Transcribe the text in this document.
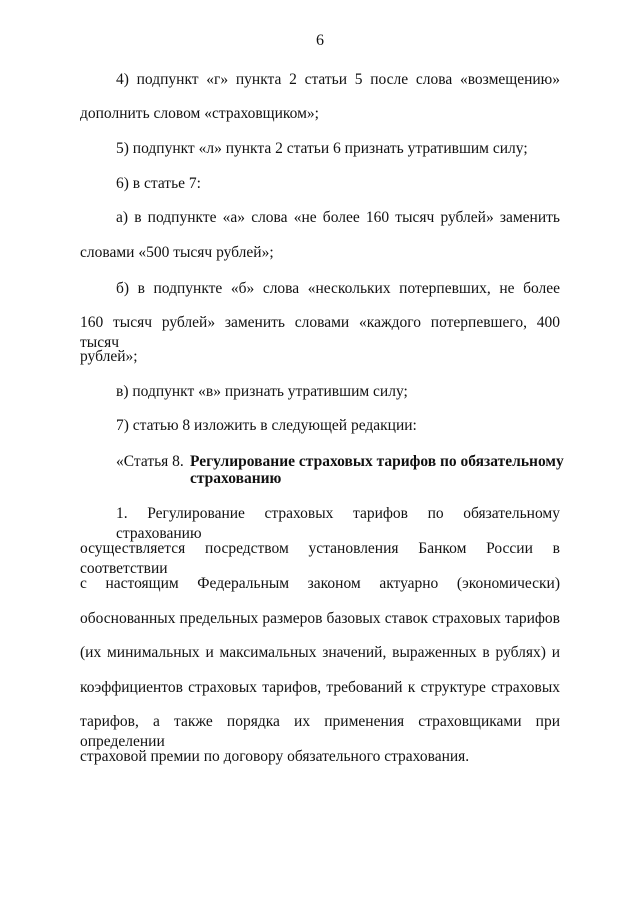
6
4) подпункт «г» пункта 2 статьи 5 после слова «возмещению»
дополнить словом «страховщиком»;
5) подпункт «л» пункта 2 статьи 6 признать утратившим силу;
6) в статье 7:
а) в подпункте «а» слова «не более 160 тысяч рублей» заменить
словами «500 тысяч рублей»;
б) в подпункте «б» слова «нескольких потерпевших, не более
160 тысяч рублей» заменить словами «каждого потерпевшего, 400 тысяч
рублей»;
в) подпункт «в» признать утратившим силу;
7) статью 8 изложить в следующей редакции:
«Статья 8. Регулирование страховых тарифов по обязательному
страхованию
1. Регулирование страховых тарифов по обязательному страхованию
осуществляется посредством установления Банком России в соответствии
с настоящим Федеральным законом актуарно (экономически)
обоснованных предельных размеров базовых ставок страховых тарифов
(их минимальных и максимальных значений, выраженных в рублях) и
коэффициентов страховых тарифов, требований к структуре страховых
тарифов, а также порядка их применения страховщиками при определении
страховой премии по договору обязательного страхования.
